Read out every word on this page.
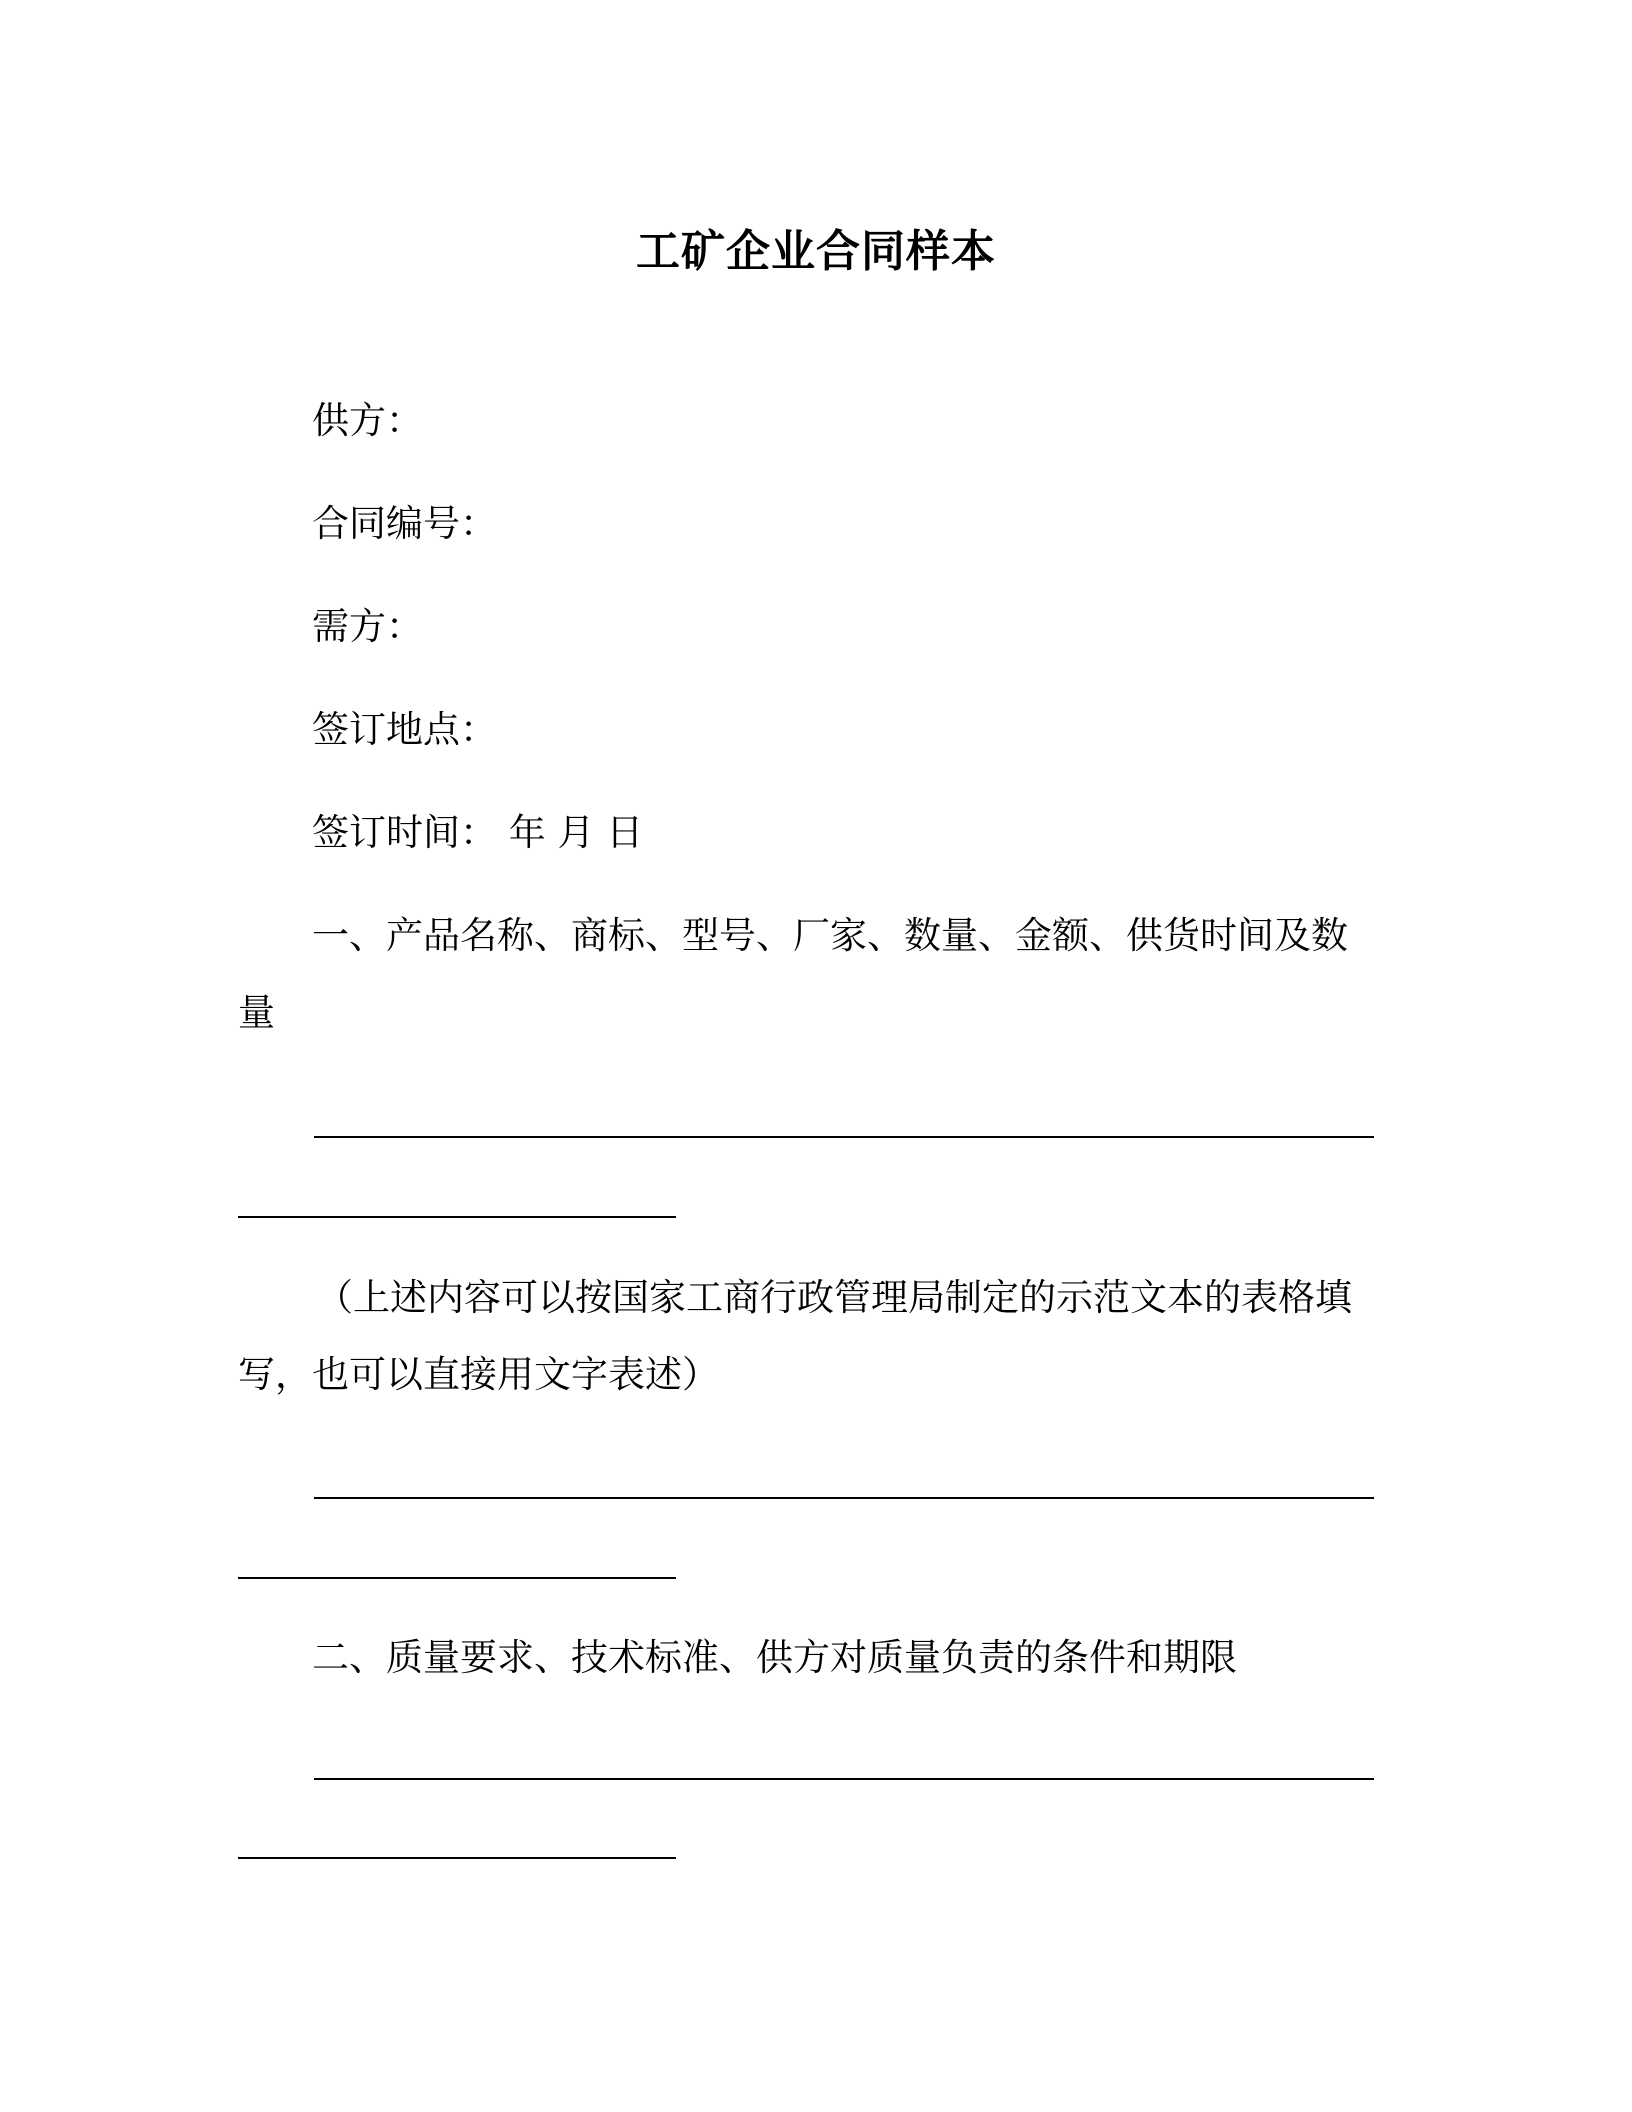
工矿企业合同样本
供方：
合同编号：
需方：
签订地点：
签订时间： 年 月 日
一、产品名称、商标、型号、厂家、数量、金额、供货时间及数
量
（上述内容可以按国家工商行政管理局制定的示范文本的表格填
写，也可以直接用文字表述）
二、质量要求、技术标准、供方对质量负责的条件和期限
